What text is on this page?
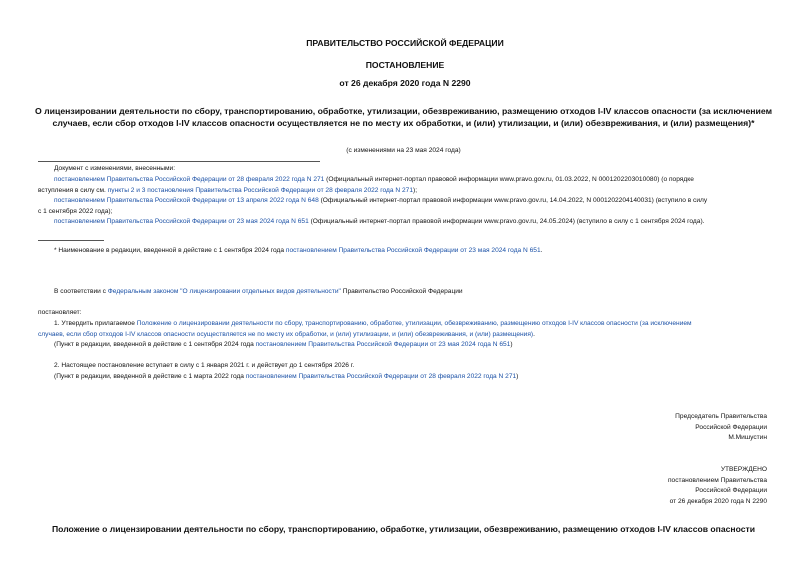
ПРАВИТЕЛЬСТВО РОССИЙСКОЙ ФЕДЕРАЦИИ
ПОСТАНОВЛЕНИЕ
от 26 декабря 2020 года N 2290
О лицензировании деятельности по сбору, транспортированию, обработке, утилизации, обезвреживанию, размещению отходов I-IV классов опасности (за исключением случаев, если сбор отходов I-IV классов опасности осуществляется не по месту их обработки, и (или) утилизации, и (или) обезвреживания, и (или) размещения)*
(с изменениями на 23 мая 2024 года)
Документ с изменениями, внесенными:
постановлением Правительства Российской Федерации от 28 февраля 2022 года N 271 (Официальный интернет-портал правовой информации www.pravo.gov.ru, 01.03.2022, N 0001202203010080) (о порядке
вступления в силу см. пункты 2 и 3 постановления Правительства Российской Федерации от 28 февраля 2022 года N 271);
постановлением Правительства Российской Федерации от 13 апреля 2022 года N 648 (Официальный интернет-портал правовой информации www.pravo.gov.ru, 14.04.2022, N 0001202204140031) (вступило в силу
с 1 сентября 2022 года);
постановлением Правительства Российской Федерации от 23 мая 2024 года N 651 (Официальный интернет-портал правовой информации www.pravo.gov.ru, 24.05.2024) (вступило в силу с 1 сентября 2024 года).
* Наименование в редакции, введенной в действие с 1 сентября 2024 года постановлением Правительства Российской Федерации от 23 мая 2024 года N 651.
В соответствии с Федеральным законом "О лицензировании отдельных видов деятельности" Правительство Российской Федерации
постановляет:
1. Утвердить прилагаемое Положение о лицензировании деятельности по сбору, транспортированию, обработке, утилизации, обезвреживанию, размещению отходов I-IV классов опасности (за исключением
случаев, если сбор отходов I-IV классов опасности осуществляется не по месту их обработки, и (или) утилизации, и (или) обезвреживания, и (или) размещения).
(Пункт в редакции, введенной в действие с 1 сентября 2024 года постановлением Правительства Российской Федерации от 23 мая 2024 года N 651)
2. Настоящее постановление вступает в силу с 1 января 2021 г. и действует до 1 сентября 2026 г.
(Пункт в редакции, введенной в действие с 1 марта 2022 года постановлением Правительства Российской Федерации от 28 февраля 2022 года N 271)
Председатель Правительства
Российской Федерации
М.Мишустин
УТВЕРЖДЕНО
постановлением Правительства
Российской Федерации
от 26 декабря 2020 года N 2290
Положение о лицензировании деятельности по сбору, транспортированию, обработке, утилизации, обезвреживанию, размещению отходов I-IV классов опасности
